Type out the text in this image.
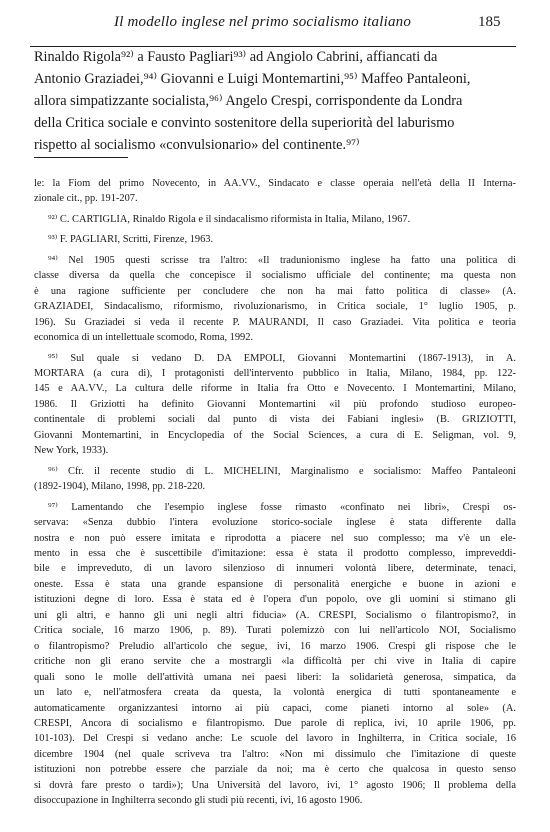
Il modello inglese nel primo socialismo italiano	185
Rinaldo Rigola⁹²⁾ a Fausto Pagliari⁹³⁾ ad Angiolo Cabrini, affiancati da
Antonio Graziadei,⁹⁴⁾ Giovanni e Luigi Montemartini,⁹⁵⁾ Maffeo Pantaleoni,
allora simpatizzante socialista,⁹⁶⁾ Angelo Crespi, corrispondente da Londra
della Critica sociale e convinto sostenitore della superiorità del laburismo
rispetto al socialismo «convulsionario» del continente.⁹⁷⁾
le: la Fiom del primo Novecento, in AA.VV., Sindacato e classe operaia nell'età della II Interna-
zionale cit., pp. 191-207.
⁹²⁾ C. CARTIGLIA, Rinaldo Rigola e il sindacalismo riformista in Italia, Milano, 1967.
⁹³⁾ F. PAGLIARI, Scritti, Firenze, 1963.
⁹⁴⁾ Nel 1905 questi scrisse tra l'altro: «Il tradunionismo inglese ha fatto una politica di
classe diversa da quella che concepisce il socialismo ufficiale del continente; ma questa non
è una ragione sufficiente per concludere che non ha mai fatto politica di classe» (A.
GRAZIADEI, Sindacalismo, riformismo, rivoluzionarismo, in Critica sociale, 1° luglio 1905, p.
196). Su Graziadei si veda il recente P. MAURANDI, Il caso Graziadei. Vita politica e teoria
economica di un intellettuale scomodo, Roma, 1992.
⁹⁵⁾ Sul quale si vedano D. DA EMPOLI, Giovanni Montemartini (1867-1913), in A.
MORTARA (a cura di), I protagonisti dell'intervento pubblico in Italia, Milano, 1984, pp. 122-
145 e AA.VV., La cultura delle riforme in Italia fra Otto e Novecento. I Montemartini, Milano,
1986. Il Griziotti ha definito Giovanni Montemartini «il più profondo studioso europeo-
continentale di problemi sociali dal punto di vista dei Fabiani inglesi» (B. GRIZIOTTI,
Giovanni Montemartini, in Encyclopedia of the Social Sciences, a cura di E. Seligman, vol. 9,
New York, 1933).
⁹⁶⁾ Cfr. il recente studio di L. MICHELINI, Marginalismo e socialismo: Maffeo Pantaleoni
(1892-1904), Milano, 1998, pp. 218-220.
⁹⁷⁾ Lamentando che l'esempio inglese fosse rimasto «confinato nei libri», Crespi os-
servava: «Senza dubbio l'intera evoluzione storico-sociale inglese è stata differente dalla
nostra e non può essere imitata e riprodotta a piacere nel suo complesso; ma v'è un ele-
mento in essa che è suscettibile d'imitazione: essa è stata il prodotto complesso, impreveddi-
bile e impreveduto, di un lavoro silenzioso di innumeri volontà libere, determinate, tenaci,
oneste. Essa è stata una grande espansione di personalità energiche e buone in azioni e
istituzioni degne di loro. Essa è stata ed è l'opera d'un popolo, ove gli uomini si stimano gli
uni gli altri, e hanno gli uni negli altri fiducia» (A. CRESPI, Socialismo o filantropismo?, in
Critica sociale, 16 marzo 1906, p. 89). Turati polemizzò con lui nell'articolo NOI, Socialismo
o filantropismo? Preludio all'articolo che segue, ivi, 16 marzo 1906. Crespi gli rispose che le
critiche non gli erano servite che a mostrargli «la difficoltà per chi vive in Italia di capire
quali sono le molle dell'attività umana nei paesi liberi: la solidarietà generosa, simpatica, da
un lato e, nell'atmosfera creata da questa, la volontà energica di tutti spontaneamente e
automaticamente organizzantesi intorno ai più capaci, come pianeti intorno al sole» (A.
CRESPI, Ancora di socialismo e filantropismo. Due parole di replica, ivi, 10 aprile 1906, pp.
101-103). Del Crespi si vedano anche: Le scuole del lavoro in Inghilterra, in Critica sociale, 16
dicembre 1904 (nel quale scriveva tra l'altro: «Non mi dissimulo che l'imitazione di queste
istituzioni non potrebbe essere che parziale da noi; ma è certo che qualcosa in questo senso
si dovrà fare presto o tardi»); Una Università del lavoro, ivi, 1° agosto 1906; Il problema della
disoccupazione in Inghilterra secondo gli studi più recenti, ivi, 16 agosto 1906.
